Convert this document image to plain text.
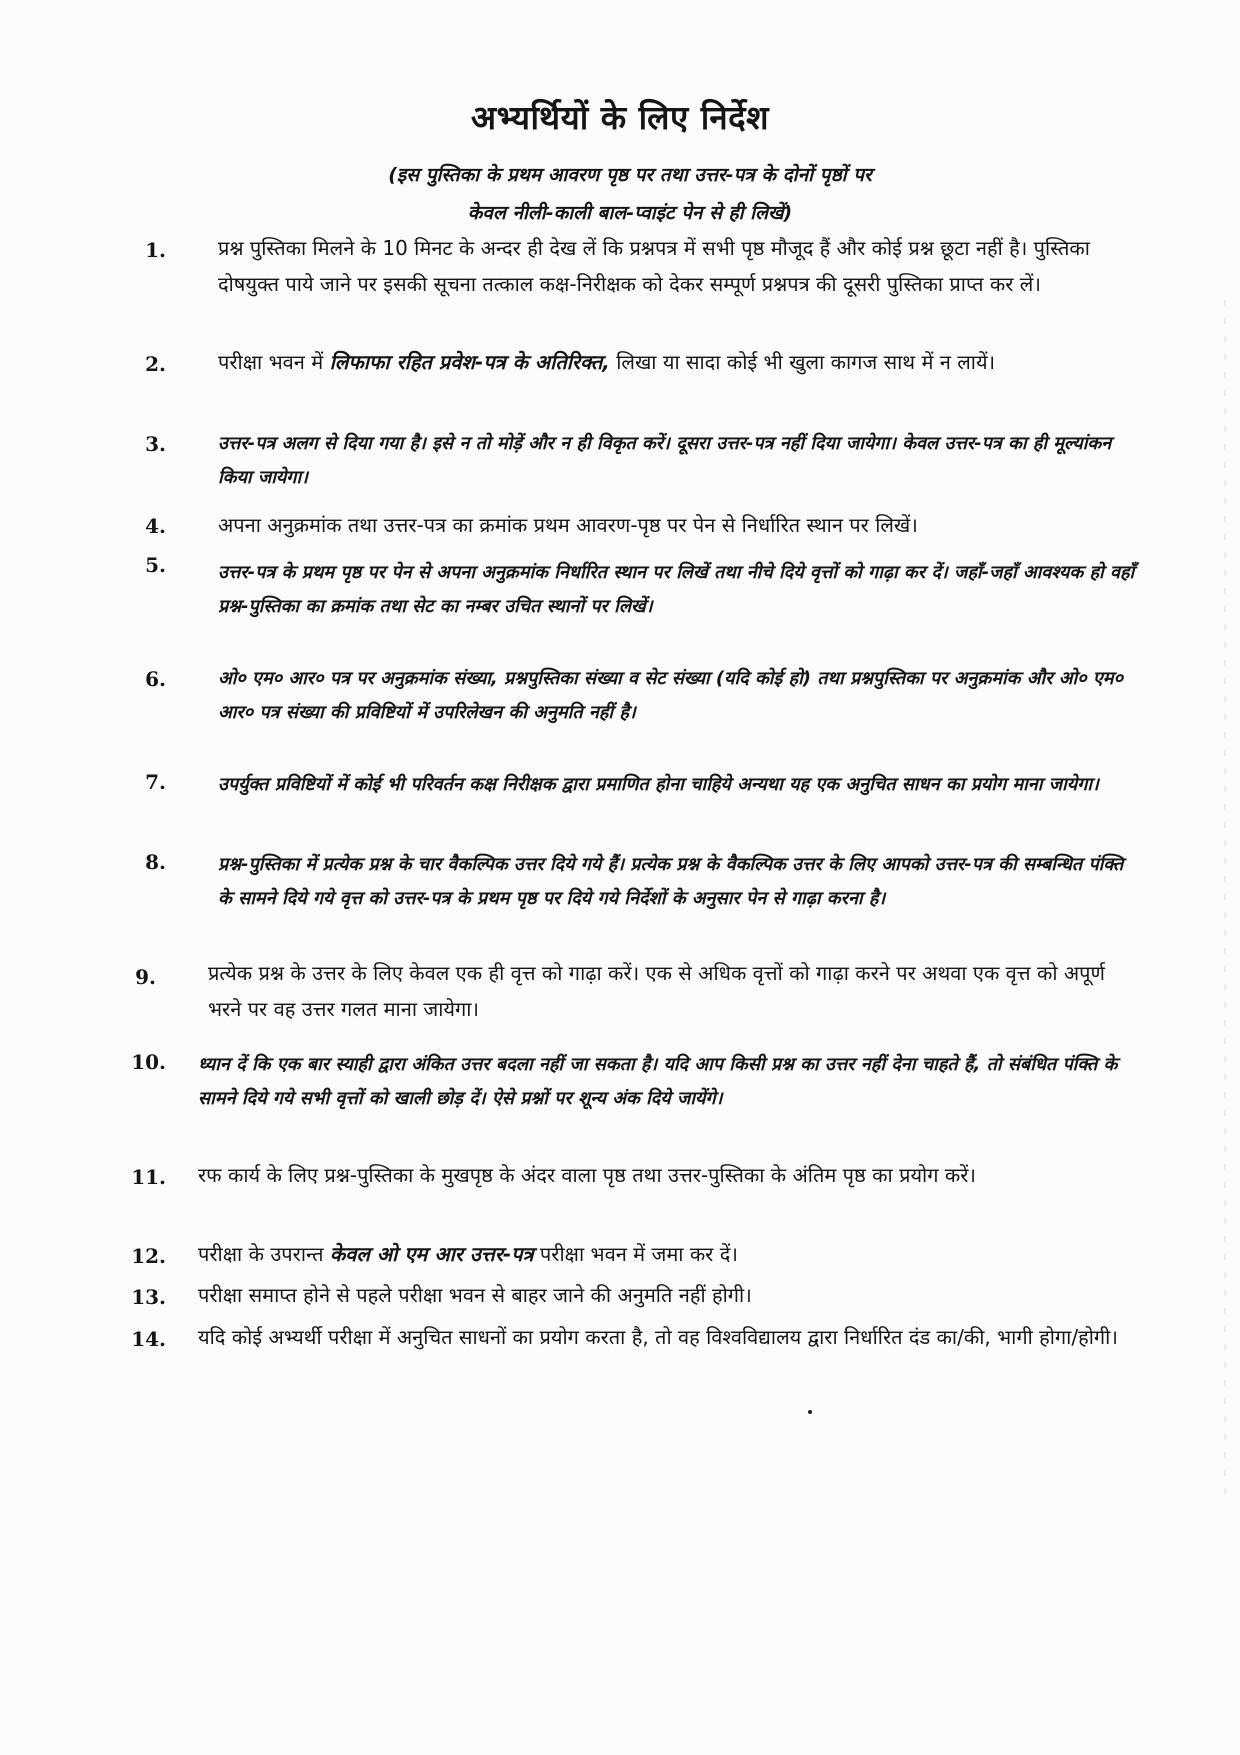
अभ्यर्थियों के लिए निर्देश
(इस पुस्तिका के प्रथम आवरण पृष्ठ पर तथा उत्तर-पत्र के दोनों पृष्ठों पर
केवल नीली-काली बाल-प्वाइंट पेन से ही लिखें)
1.	प्रश्न पुस्तिका मिलने के 10 मिनट के अन्दर ही देख लें कि प्रश्नपत्र में सभी पृष्ठ मौजूद हैं और कोई प्रश्न छूटा नहीं है। पुस्तिका दोषयुक्त पाये जाने पर इसकी सूचना तत्काल कक्ष-निरीक्षक को देकर सम्पूर्ण प्रश्नपत्र की दूसरी पुस्तिका प्राप्त कर लें।
2.	परीक्षा भवन में लिफाफा रहित प्रवेश-पत्र के अतिरिक्त, लिखा या सादा कोई भी खुला कागज साथ में न लायें।
3.	उत्तर-पत्र अलग से दिया गया है। इसे न तो मोड़ें और न ही विकृत करें। दूसरा उत्तर-पत्र नहीं दिया जायेगा। केवल उत्तर-पत्र का ही मूल्यांकन किया जायेगा।
4.	अपना अनुक्रमांक तथा उत्तर-पत्र का क्रमांक प्रथम आवरण-पृष्ठ पर पेन से निर्धारित स्थान पर लिखें।
5.	उत्तर-पत्र के प्रथम पृष्ठ पर पेन से अपना अनुक्रमांक निर्धारित स्थान पर लिखें तथा नीचे दिये वृत्तों को गाढ़ा कर दें। जहाँ-जहाँ आवश्यक हो वहाँ प्रश्न-पुस्तिका का क्रमांक तथा सेट का नम्बर उचित स्थानों पर लिखें।
6.	ओ० एम० आर० पत्र पर अनुक्रमांक संख्या, प्रश्नपुस्तिका संख्या व सेट संख्या (यदि कोई हो) तथा प्रश्नपुस्तिका पर अनुक्रमांक और ओ० एम० आर० पत्र संख्या की प्रविष्टियों में उपरिलेखन की अनुमति नहीं है।
7.	उपर्युक्त प्रविष्टियों में कोई भी परिवर्तन कक्ष निरीक्षक द्वारा प्रमाणित होना चाहिये अन्यथा यह एक अनुचित साधन का प्रयोग माना जायेगा।
8.	प्रश्न-पुस्तिका में प्रत्येक प्रश्न के चार वैकल्पिक उत्तर दिये गये हैं। प्रत्येक प्रश्न के वैकल्पिक उत्तर के लिए आपको उत्तर-पत्र की सम्बन्धित पंक्ति के सामने दिये गये वृत्त को उत्तर-पत्र के प्रथम पृष्ठ पर दिये गये निर्देशों के अनुसार पेन से गाढ़ा करना है।
9.	प्रत्येक प्रश्न के उत्तर के लिए केवल एक ही वृत्त को गाढ़ा करें। एक से अधिक वृत्तों को गाढ़ा करने पर अथवा एक वृत्त को अपूर्ण भरने पर वह उत्तर गलत माना जायेगा।
10. ध्यान दें कि एक बार स्याही द्वारा अंकित उत्तर बदला नहीं जा सकता है। यदि आप किसी प्रश्न का उत्तर नहीं देना चाहते हैं, तो संबंधित पंक्ति के सामने दिये गये सभी वृत्तों को खाली छोड़ दें। ऐसे प्रश्नों पर शून्य अंक दिये जायेंगे।
11. रफ कार्य के लिए प्रश्न-पुस्तिका के मुखपृष्ठ के अंदर वाला पृष्ठ तथा उत्तर-पुस्तिका के अंतिम पृष्ठ का प्रयोग करें।
12. परीक्षा के उपरान्त केवल ओ एम आर उत्तर-पत्र परीक्षा भवन में जमा कर दें।
13. परीक्षा समाप्त होने से पहले परीक्षा भवन से बाहर जाने की अनुमति नहीं होगी।
14. यदि कोई अभ्यर्थी परीक्षा में अनुचित साधनों का प्रयोग करता है, तो वह विश्वविद्यालय द्वारा निर्धारित दंड का/की, भागी होगा/होगी।
